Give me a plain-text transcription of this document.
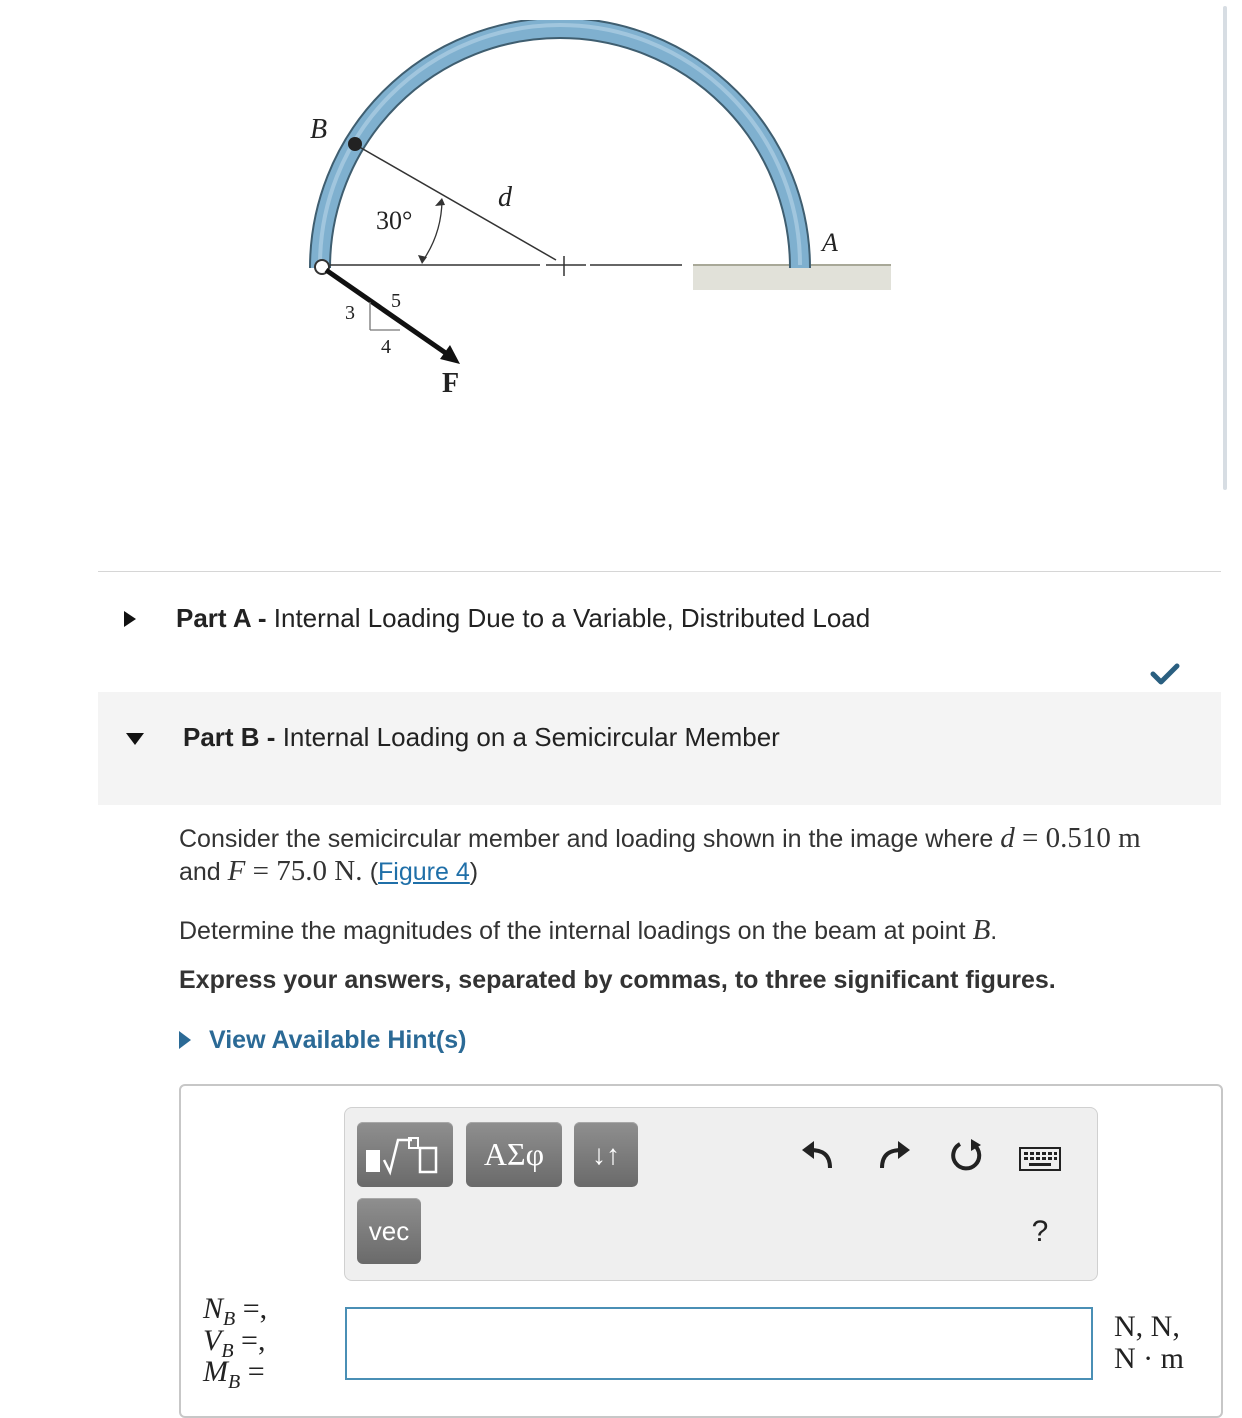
B
A
d
F
30°
3
4
5
Part A - Internal Loading Due to a Variable, Distributed Load
Part B - Internal Loading on a Semicircular Member
Consider the semicircular member and loading shown in the image where d = 0.510 m
and F = 75.0 N. (Figure 4)
Determine the magnitudes of the internal loadings on the beam at point B.
Express your answers, separated by commas, to three significant figures.
View Available Hint(s)
ΑΣφ	↓↑
vec	?
$N_B$ =,
$V_B$ =,
$M_B$ =
N, N,
N · m
